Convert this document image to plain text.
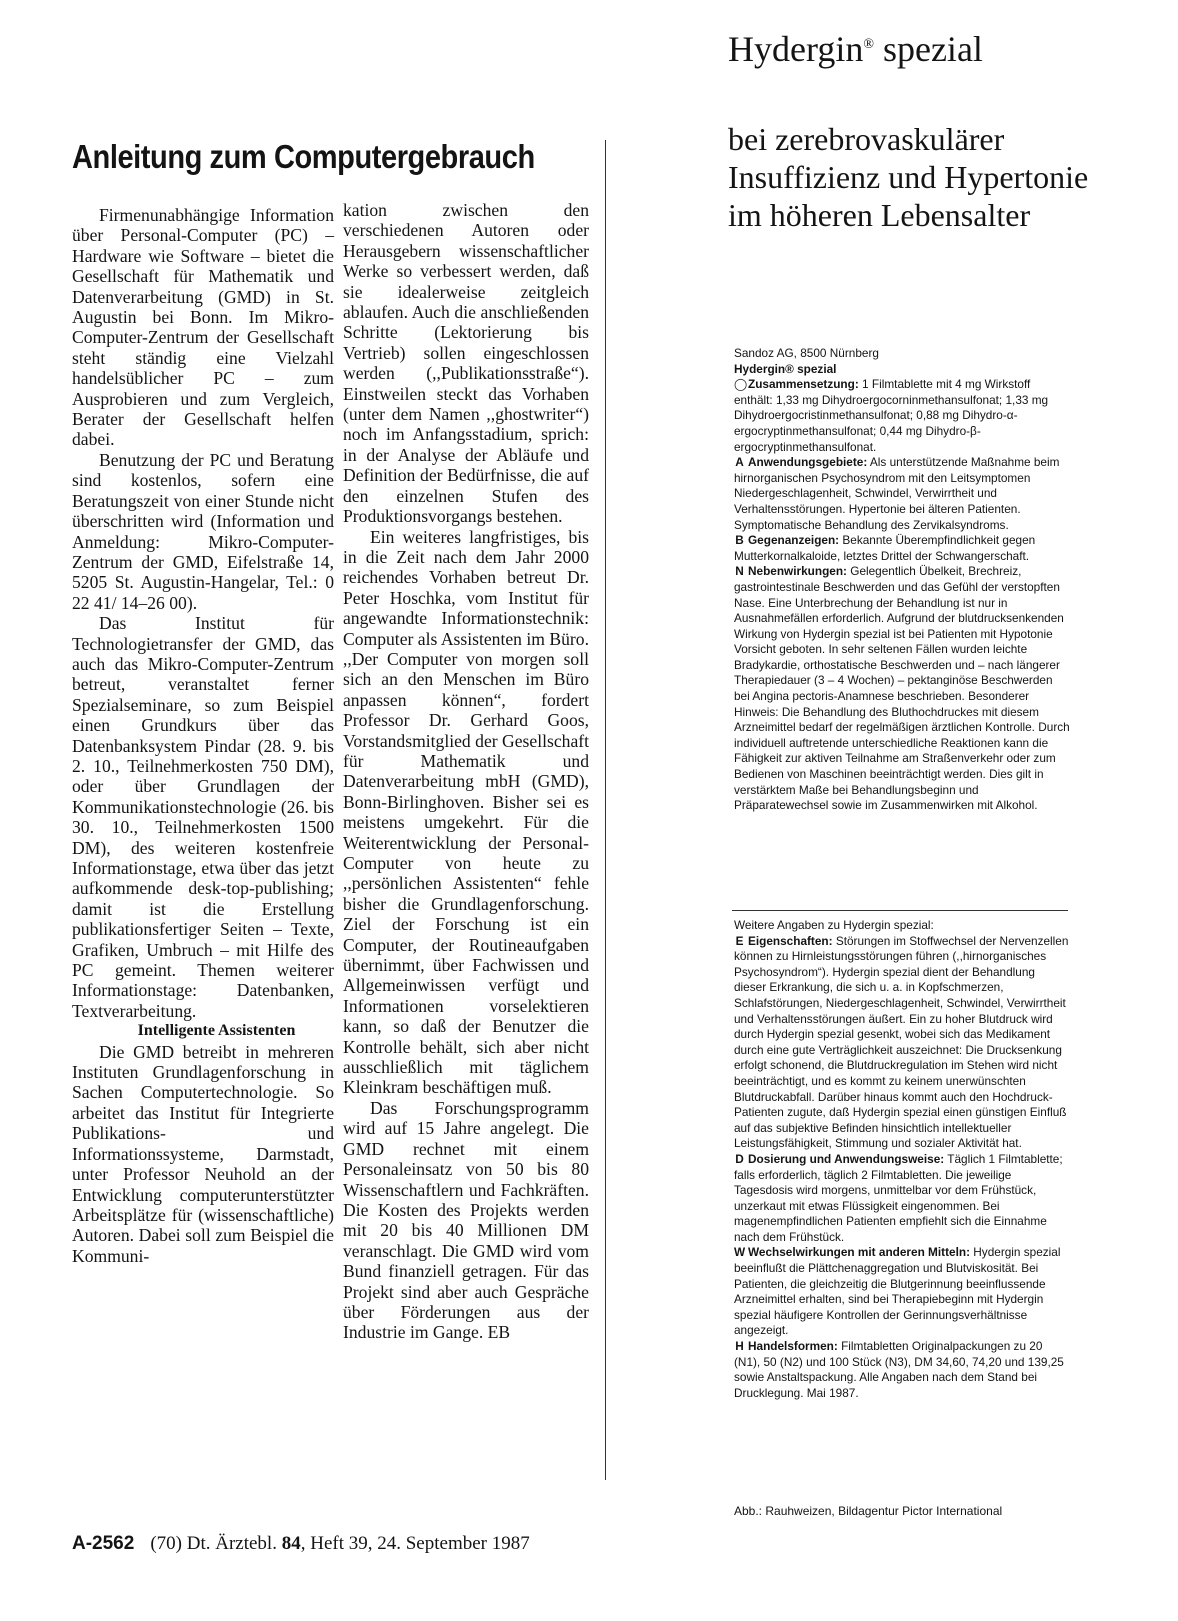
Anleitung zum Computergebrauch

Firmenunabhängige Information über Personal-Computer (PC) – Hardware wie Software – bietet die Gesellschaft für Mathematik und Datenverarbeitung (GMD) in St. Augustin bei Bonn. Im Mikro-Computer-Zentrum der Gesellschaft steht ständig eine Vielzahl handelsüblicher PC – zum Ausprobieren und zum Vergleich, Berater der Gesellschaft helfen dabei.

Benutzung der PC und Beratung sind kostenlos, sofern eine Beratungszeit von einer Stunde nicht überschritten wird (Information und Anmeldung: Mikro-Computer-Zentrum der GMD, Eifelstraße 14, 5205 St. Augustin-Hangelar, Tel.: 0 22 41/ 14–26 00).

Das Institut für Technologietransfer der GMD, das auch das Mikro-Computer-Zentrum betreut, veranstaltet ferner Spezialseminare, so zum Beispiel einen Grundkurs über das Datenbanksystem Pindar (28. 9. bis 2. 10., Teilnehmerkosten 750 DM), oder über Grundlagen der Kommunikationstechnologie (26. bis 30. 10., Teilnehmerkosten 1500 DM), des weiteren kostenfreie Informationstage, etwa über das jetzt aufkommende desk-top-publishing; damit ist die Erstellung publikationsfertiger Seiten – Texte, Grafiken, Umbruch – mit Hilfe des PC gemeint. Themen weiterer Informationstage: Datenbanken, Textverarbeitung.

Intelligente Assistenten

Die GMD betreibt in mehreren Instituten Grundlagenforschung in Sachen Computertechnologie. So arbeitet das Institut für Integrierte Publikations- und Informationssysteme, Darmstadt, unter Professor Neuhold an der Entwicklung computerunterstützter Arbeitsplätze für (wissenschaftliche) Autoren. Dabei soll zum Beispiel die Kommuni-

kation zwischen den verschiedenen Autoren oder Herausgebern wissenschaftlicher Werke so verbessert werden, daß sie idealerweise zeitgleich ablaufen. Auch die anschließenden Schritte (Lektorierung bis Vertrieb) sollen eingeschlossen werden (,,Publikationsstraße“). Einstweilen steckt das Vorhaben (unter dem Namen ,,ghostwriter“) noch im Anfangsstadium, sprich: in der Analyse der Abläufe und Definition der Bedürfnisse, die auf den einzelnen Stufen des Produktionsvorgangs bestehen.

Ein weiteres langfristiges, bis in die Zeit nach dem Jahr 2000 reichendes Vorhaben betreut Dr. Peter Hoschka, vom Institut für angewandte Informationstechnik: Computer als Assistenten im Büro. ,,Der Computer von morgen soll sich an den Menschen im Büro anpassen können“, fordert Professor Dr. Gerhard Goos, Vorstandsmitglied der Gesellschaft für Mathematik und Datenverarbeitung mbH (GMD), Bonn-Birlinghoven. Bisher sei es meistens umgekehrt. Für die Weiterentwicklung der Personal-Computer von heute zu ,,persönlichen Assistenten“ fehle bisher die Grundlagenforschung. Ziel der Forschung ist ein Computer, der Routineaufgaben übernimmt, über Fachwissen und Allgemeinwissen verfügt und Informationen vorselektieren kann, so daß der Benutzer die Kontrolle behält, sich aber nicht ausschließlich mit täglichem Kleinkram beschäftigen muß.

Das Forschungsprogramm wird auf 15 Jahre angelegt. Die GMD rechnet mit einem Personaleinsatz von 50 bis 80 Wissenschaftlern und Fachkräften. Die Kosten des Projekts werden mit 20 bis 40 Millionen DM veranschlagt. Die GMD wird vom Bund finanziell getragen. Für das Projekt sind aber auch Gespräche über Förderungen aus der Industrie im Gange. EB

Hydergin® spezial
bei zerebrovaskulärer Insuffizienz und Hypertonie im höheren Lebensalter

Sandoz AG, 8500 Nürnberg

Hydergin® spezial

◯Zusammensetzung: 1 Filmtablette mit 4 mg Wirkstoff enthält: 1,33 mg Dihydroergocorninmethansulfonat; 1,33 mg Dihydroergocristinmethansulfonat; 0,88 mg Dihydro-α-ergocryptinmethansulfonat; 0,44 mg Dihydro-β-ergocryptinmethansulfonat.

A Anwendungsgebiete: Als unterstützende Maßnahme beim hirnorganischen Psychosyndrom mit den Leitsymptomen Niedergeschlagenheit, Schwindel, Verwirrtheit und Verhaltensstörungen. Hypertonie bei älteren Patienten. Symptomatische Behandlung des Zervikalsyndroms.

B Gegenanzeigen: Bekannte Überempfindlichkeit gegen Mutterkornalkaloide, letztes Drittel der Schwangerschaft.

N Nebenwirkungen: Gelegentlich Übelkeit, Brechreiz, gastrointestinale Beschwerden und das Gefühl der verstopften Nase. Eine Unterbrechung der Behandlung ist nur in Ausnahmefällen erforderlich. Aufgrund der blutdrucksenkenden Wirkung von Hydergin spezial ist bei Patienten mit Hypotonie Vorsicht geboten. In sehr seltenen Fällen wurden leichte Bradykardie, orthostatische Beschwerden und – nach längerer Therapiedauer (3 – 4 Wochen) – pektanginöse Beschwerden bei Angina pectoris-Anamnese beschrieben. Besonderer Hinweis: Die Behandlung des Bluthochdruckes mit diesem Arzneimittel bedarf der regelmäßigen ärztlichen Kontrolle. Durch individuell auftretende unterschiedliche Reaktionen kann die Fähigkeit zur aktiven Teilnahme am Straßenverkehr oder zum Bedienen von Maschinen beeinträchtigt werden. Dies gilt in verstärktem Maße bei Behandlungsbeginn und Präparatewechsel sowie im Zusammenwirken mit Alkohol.

Weitere Angaben zu Hydergin spezial:

E Eigenschaften: Störungen im Stoffwechsel der Nervenzellen können zu Hirnleistungsstörungen führen (,,hirnorganisches Psychosyndrom“). Hydergin spezial dient der Behandlung dieser Erkrankung, die sich u. a. in Kopfschmerzen, Schlafstörungen, Niedergeschlagenheit, Schwindel, Verwirrtheit und Verhaltensstörungen äußert. Ein zu hoher Blutdruck wird durch Hydergin spezial gesenkt, wobei sich das Medikament durch eine gute Verträglichkeit auszeichnet: Die Drucksenkung erfolgt schonend, die Blutdruckregulation im Stehen wird nicht beeinträchtigt, und es kommt zu keinem unerwünschten Blutdruckabfall. Darüber hinaus kommt auch den Hochdruck-Patienten zugute, daß Hydergin spezial einen günstigen Einfluß auf das subjektive Befinden hinsichtlich intellektueller Leistungsfähigkeit, Stimmung und sozialer Aktivität hat.

D Dosierung und Anwendungsweise: Täglich 1 Filmtablette; falls erforderlich, täglich 2 Filmtabletten. Die jeweilige Tagesdosis wird morgens, unmittelbar vor dem Frühstück, unzerkaut mit etwas Flüssigkeit eingenommen. Bei magenempfindlichen Patienten empfiehlt sich die Einnahme nach dem Frühstück.

W Wechselwirkungen mit anderen Mitteln: Hydergin spezial beeinflußt die Plättchenaggregation und Blutviskosität. Bei Patienten, die gleichzeitig die Blutgerinnung beeinflussende Arzneimittel erhalten, sind bei Therapiebeginn mit Hydergin spezial häufigere Kontrollen der Gerinnungsverhältnisse angezeigt.

H Handelsformen: Filmtabletten Originalpackungen zu 20 (N1), 50 (N2) und 100 Stück (N3), DM 34,60, 74,20 und 139,25 sowie Anstaltspackung. Alle Angaben nach dem Stand bei Drucklegung. Mai 1987.

Abb.: Rauhweizen, Bildagentur Pictor International
A-2562 (70) Dt. Ärztebl. 84, Heft 39, 24. September 1987
